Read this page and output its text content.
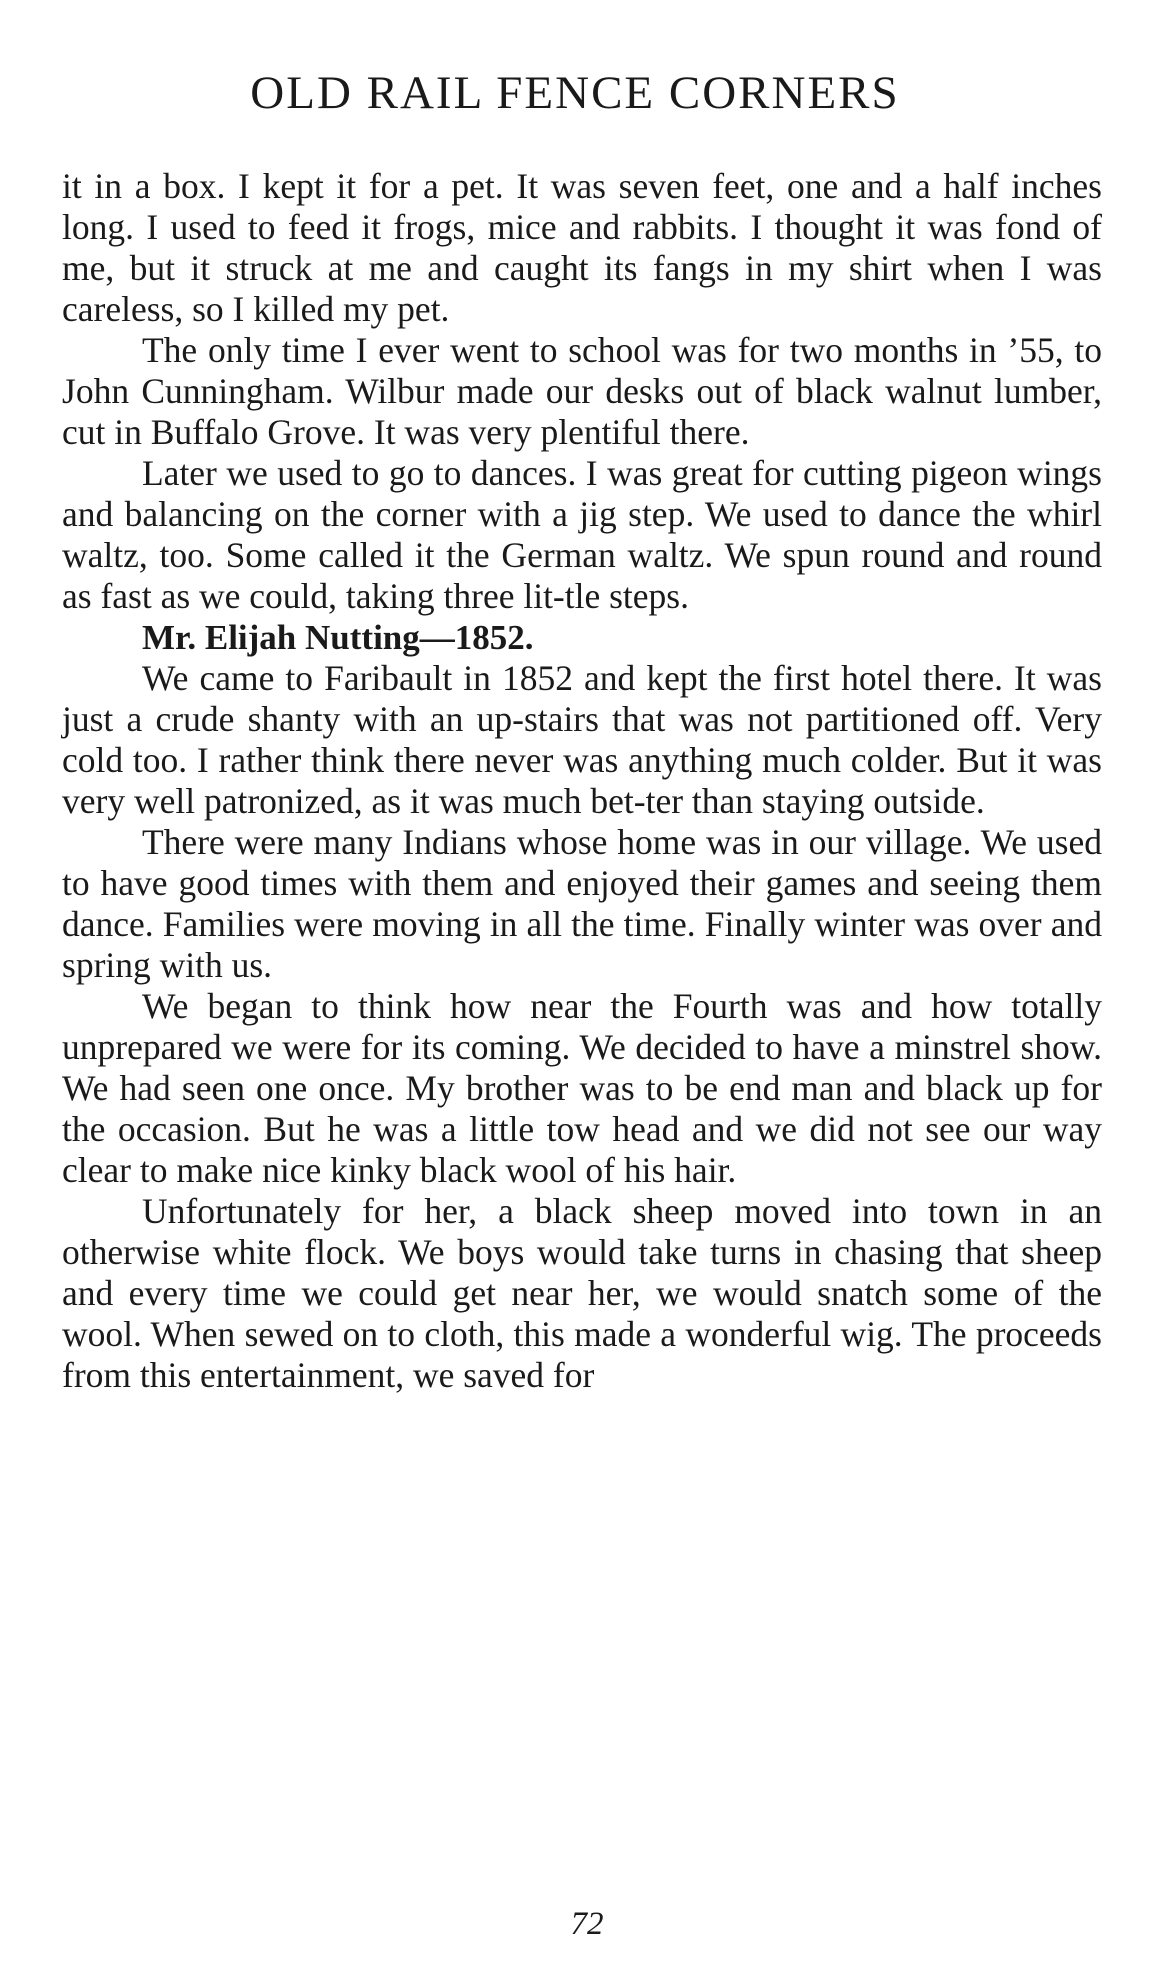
OLD RAIL FENCE CORNERS

it in a box. I kept it for a pet. It was seven feet, one and a half inches long. I used to feed it frogs, mice and rabbits. I thought it was fond of me, but it struck at me and caught its fangs in my shirt when I was careless, so I killed my pet.

The only time I ever went to school was for two months in ’55, to John Cunningham. Wilbur made our desks out of black walnut lumber, cut in Buffalo Grove. It was very plentiful there.

Later we used to go to dances. I was great for cutting pigeon wings and balancing on the corner with a jig step. We used to dance the whirl waltz, too. Some called it the German waltz. We spun round and round as fast as we could, taking three lit-tle steps.

Mr. Elijah Nutting—1852.

We came to Faribault in 1852 and kept the first hotel there. It was just a crude shanty with an up-stairs that was not partitioned off. Very cold too. I rather think there never was anything much colder. But it was very well patronized, as it was much bet-ter than staying outside.

There were many Indians whose home was in our village. We used to have good times with them and enjoyed their games and seeing them dance. Families were moving in all the time. Finally winter was over and spring with us.

We began to think how near the Fourth was and how totally unprepared we were for its coming. We decided to have a minstrel show. We had seen one once. My brother was to be end man and black up for the occasion. But he was a little tow head and we did not see our way clear to make nice kinky black wool of his hair.

Unfortunately for her, a black sheep moved into town in an otherwise white flock. We boys would take turns in chasing that sheep and every time we could get near her, we would snatch some of the wool. When sewed on to cloth, this made a wonderful wig. The proceeds from this entertainment, we saved for

72
